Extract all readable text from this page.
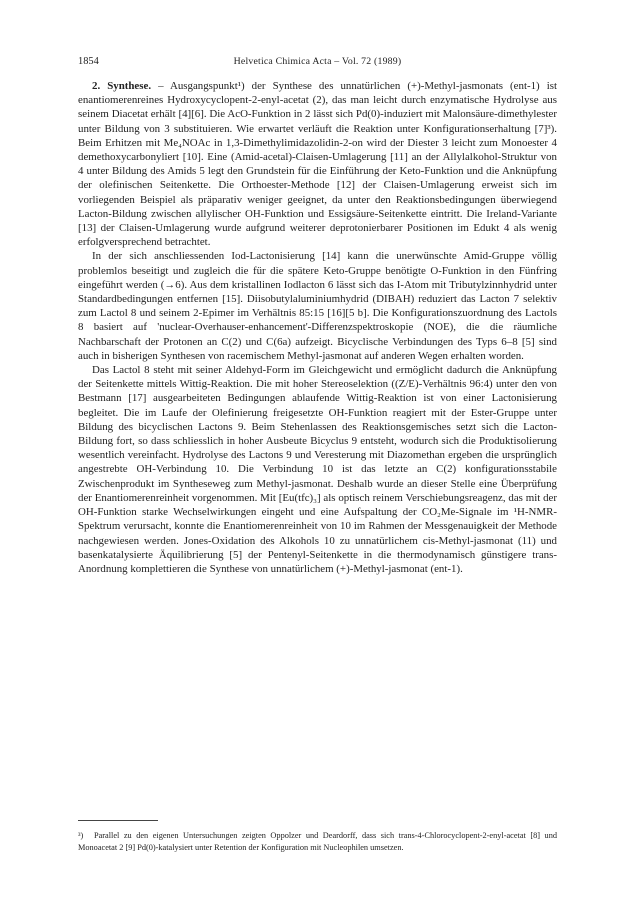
1854	Helvetica Chimica Acta – Vol. 72 (1989)

2. Synthese. – Ausgangspunkt¹) der Synthese des unnatürlichen (+)-Methyl-jasmonats (ent-1) ist enantiomerenreines Hydroxycyclopent-2-enyl-acetat (2), das man leicht durch enzymatische Hydrolyse aus seinem Diacetat erhält [4][6]. Die AcO-Funktion in 2 lässt sich Pd(0)-induziert mit Malonsäure-dimethylester unter Bildung von 3 substituieren. Wie erwartet verläuft die Reaktion unter Konfigurationserhaltung [7]³). Beim Erhitzen mit Me₄NOAc in 1,3-Dimethylimidazolidin-2-on wird der Diester 3 leicht zum Monoester 4 demethoxycarbonyliert [10]. Eine (Amid-acetal)-Claisen-Umlagerung [11] an der Allylalkohol-Struktur von 4 unter Bildung des Amids 5 legt den Grundstein für die Einführung der Keto-Funktion und die Anknüpfung der olefinischen Seitenkette. Die Orthoester-Methode [12] der Claisen-Umlagerung erweist sich im vorliegenden Beispiel als präparativ weniger geeignet, da unter den Reaktionsbedingungen überwiegend Lacton-Bildung zwischen allylischer OH-Funktion und Essigsäure-Seitenkette eintritt. Die Ireland-Variante [13] der Claisen-Umlagerung wurde aufgrund weiterer deprotonierbarer Positionen im Edukt 4 als wenig erfolgversprechend betrachtet.

In der sich anschliessenden Iod-Lactonisierung [14] kann die unerwünschte Amid-Gruppe völlig problemlos beseitigt und zugleich die für die spätere Keto-Gruppe benötigte O-Funktion in den Fünfring eingeführt werden (→6). Aus dem kristallinen Iodlacton 6 lässt sich das I-Atom mit Tributylzinnhydrid unter Standardbedingungen entfernen [15]. Diisobutylaluminiumhydrid (DIBAH) reduziert das Lacton 7 selektiv zum Lactol 8 und seinem 2-Epimer im Verhältnis 85:15 [16][5 b]. Die Konfigurationszuordnung des Lactols 8 basiert auf 'nuclear-Overhauser-enhancement'-Differenzspektroskopie (NOE), die die räumliche Nachbarschaft der Protonen an C(2) und C(6a) aufzeigt. Bicyclische Verbindungen des Typs 6–8 [5] sind auch in bisherigen Synthesen von racemischem Methyl-jasmonat auf anderen Wegen erhalten worden.

Das Lactol 8 steht mit seiner Aldehyd-Form im Gleichgewicht und ermöglicht dadurch die Anknüpfung der Seitenkette mittels Wittig-Reaktion. Die mit hoher Stereoselektion ((Z/E)-Verhältnis 96:4) unter den von Bestmann [17] ausgearbeiteten Bedingungen ablaufende Wittig-Reaktion ist von einer Lactonisierung begleitet. Die im Laufe der Olefinierung freigesetzte OH-Funktion reagiert mit der Ester-Gruppe unter Bildung des bicyclischen Lactons 9. Beim Stehenlassen des Reaktionsgemisches setzt sich die Lacton-Bildung fort, so dass schliesslich in hoher Ausbeute Bicyclus 9 entsteht, wodurch sich die Produktisolierung wesentlich vereinfacht. Hydrolyse des Lactons 9 und Veresterung mit Diazomethan ergeben die ursprünglich angestrebte OH-Verbindung 10. Die Verbindung 10 ist das letzte an C(2) konfigurationsstabile Zwischenprodukt im Syntheseweg zum Methyl-jasmonat. Deshalb wurde an dieser Stelle eine Überprüfung der Enantiomerenreinheit vorgenommen. Mit [Eu(tfc)₃] als optisch reinem Verschiebungsreagenz, das mit der OH-Funktion starke Wechselwirkungen eingeht und eine Aufspaltung der CO₂Me-Signale im ¹H-NMR-Spektrum verursacht, konnte die Enantiomerenreinheit von 10 im Rahmen der Messgenauigkeit der Methode nachgewiesen werden. Jones-Oxidation des Alkohols 10 zu unnatürlichem cis-Methyl-jasmonat (11) und basenkatalysierte Äquilibrierung [5] der Pentenyl-Seitenkette in die thermodynamisch günstigere trans-Anordnung komplettieren die Synthese von unnatürlichem (+)-Methyl-jasmonat (ent-1).

³) Parallel zu den eigenen Untersuchungen zeigten Oppolzer und Deardorff, dass sich trans-4-Chlorocyclopent-2-enyl-acetat [8] und Monoacetat 2 [9] Pd(0)-katalysiert unter Retention der Konfiguration mit Nucleophilen umsetzen.
